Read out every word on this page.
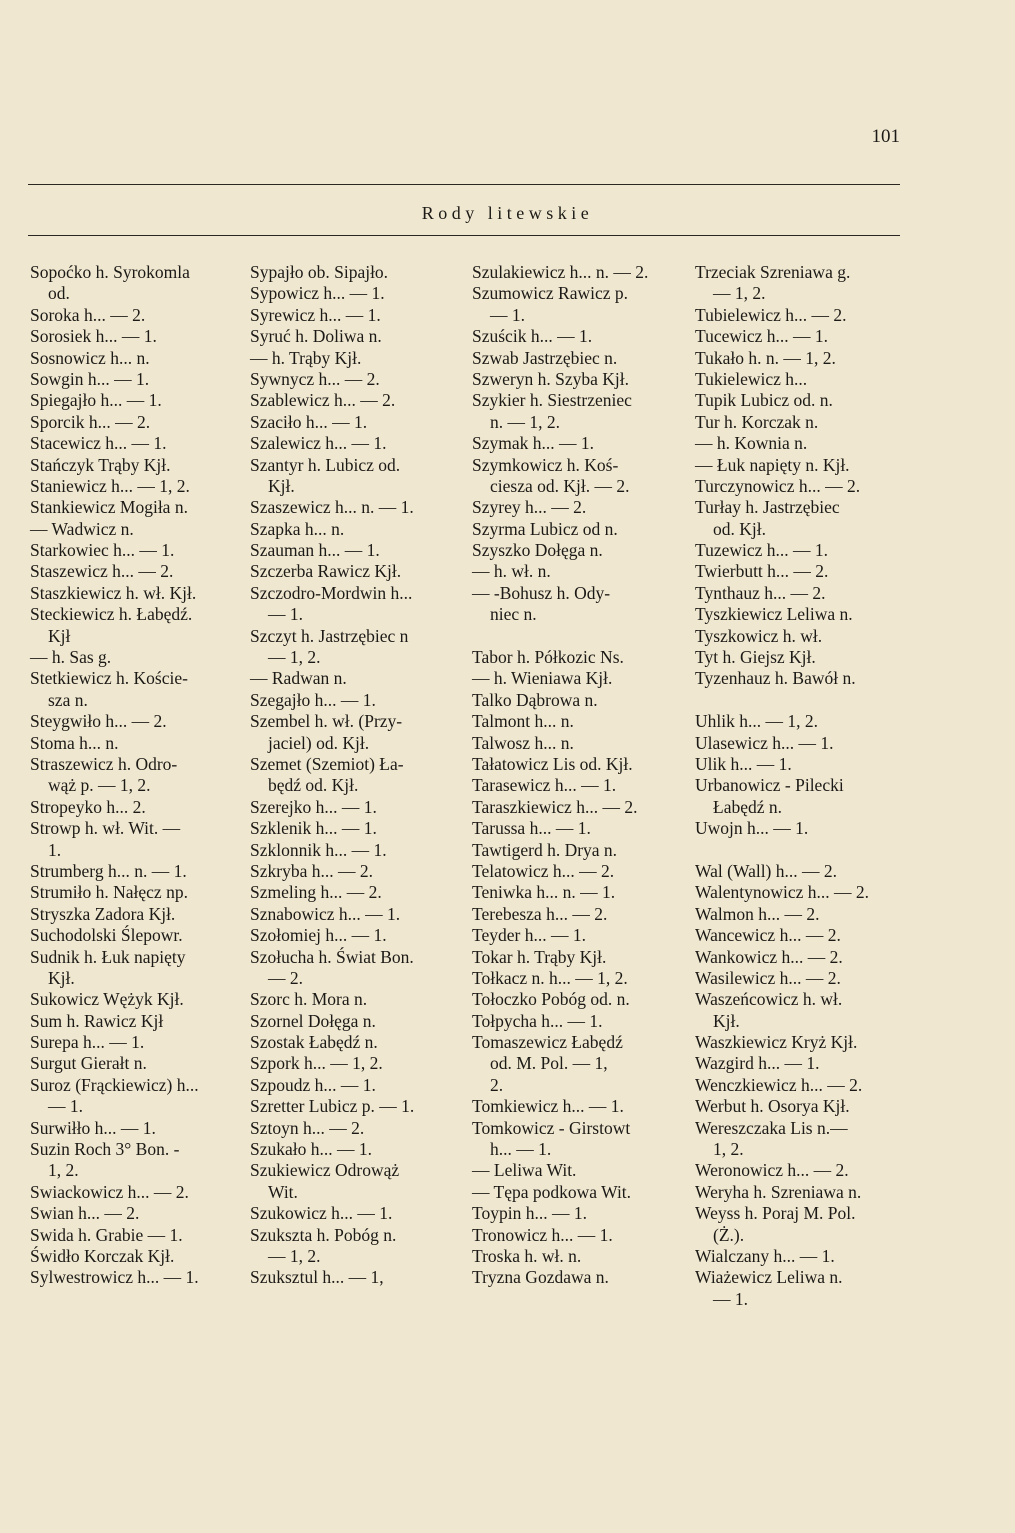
101
Rody litewskie
Sopoćko h. Syrokomla
od.
Soroka h... — 2.
Sorosiek h... — 1.
Sosnowicz h... n.
Sowgin h... — 1.
Spiegajło h... — 1.
Sporcik h... — 2.
Stacewicz h... — 1.
Stańczyk Trąby Kjł.
Staniewicz h... — 1, 2.
Stankiewicz Mogiła n.
— Wadwicz n.
Starkowiec h... — 1.
Staszewicz h... — 2.
Staszkiewicz h. wł. Kjł.
Steckiewicz h. Łabędź.
Kjł
— h. Sas g.
Stetkiewicz h. Koście-
sza n.
Steygwiło h... — 2.
Stoma h... n.
Straszewicz h. Odro-
wąż p. — 1, 2.
Stropeyko h... 2.
Strowp h. wł. Wit. —
1.
Strumberg h... n. — 1.
Strumiło h. Nałęcz np.
Stryszka Zadora Kjł.
Suchodolski Ślepowr.
Sudnik h. Łuk napięty
Kjł.
Sukowicz Wężyk Kjł.
Sum h. Rawicz Kjł
Surepa h... — 1.
Surgut Gierałt n.
Suroz (Frąckiewicz) h...
— 1.
Surwiłło h... — 1.
Suzin Roch 3° Bon. -
1, 2.
Swiackowicz h... — 2.
Swian h... — 2.
Swida h. Grabie — 1.
Świdło Korczak Kjł.
Sylwestrowicz h... — 1.
Sypajło ob. Sipajło.
Sypowicz h... — 1.
Syrewicz h... — 1.
Syruć h. Doliwa n.
— h. Trąby Kjł.
Sywnycz h... — 2.
Szablewicz h... — 2.
Szaciło h... — 1.
Szalewicz h... — 1.
Szantyr h. Lubicz od.
Kjł.
Szaszewicz h... n. — 1.
Szapka h... n.
Szauman h... — 1.
Szczerba Rawicz Kjł.
Szczodro-Mordwin h...
— 1.
Szczyt h. Jastrzębiec n
— 1, 2.
— Radwan n.
Szegajło h... — 1.
Szembel h. wł. (Przy-
jaciel) od. Kjł.
Szemet (Szemiot) Ła-
będź od. Kjł.
Szerejko h... — 1.
Szklenik h... — 1.
Szklonnik h... — 1.
Szkryba h... — 2.
Szmeling h... — 2.
Sznabowicz h... — 1.
Szołomiej h... — 1.
Szołucha h. Świat Bon.
— 2.
Szorc h. Mora n.
Szornel Dołęga n.
Szostak Łabędź n.
Szpork h... — 1, 2.
Szpoudz h... — 1.
Szretter Lubicz p. — 1.
Sztoyn h... — 2.
Szukało h... — 1.
Szukiewicz Odrowąż
Wit.
Szukowicz h... — 1.
Szukszta h. Pobóg n.
— 1, 2.
Szuksztul h... — 1,
Szulakiewicz h... n. — 2.
Szumowicz Rawicz p.
— 1.
Szuścik h... — 1.
Szwab Jastrzębiec n.
Szweryn h. Szyba Kjł.
Szykier h. Siestrzeniec
n. — 1, 2.
Szymak h... — 1.
Szymkowicz h. Koś-
ciesza od. Kjł. — 2.
Szyrey h... — 2.
Szyrma Lubicz od n.
Szyszko Dołęga n.
— h. wł. n.
— -Bohusz h. Ody-
niec n.
Tabor h. Półkozic Ns.
— h. Wieniawa Kjł.
Talko Dąbrowa n.
Talmont h... n.
Talwosz h... n.
Tałatowicz Lis od. Kjł.
Tarasewicz h... — 1.
Taraszkiewicz h... — 2.
Tarussa h... — 1.
Tawtigerd h. Drya n.
Telatowicz h... — 2.
Teniwka h... n. — 1.
Terebesza h... — 2.
Teyder h... — 1.
Tokar h. Trąby Kjł.
Tołkacz n. h... — 1, 2.
Tołoczko Pobóg od. n.
Tołpycha h... — 1.
Tomaszewicz Łabędź
od. M. Pol. — 1,
2.
Tomkiewicz h... — 1.
Tomkowicz - Girstowt
h... — 1.
— Leliwa Wit.
— Tępa podkowa Wit.
Toypin h... — 1.
Tronowicz h... — 1.
Troska h. wł. n.
Tryzna Gozdawa n.
Trzeciak Szreniawa g.
— 1, 2.
Tubielewicz h... — 2.
Tucewicz h... — 1.
Tukało h. n. — 1, 2.
Tukielewicz h...
Tupik Lubicz od. n.
Tur h. Korczak n.
— h. Kownia n.
— Łuk napięty n. Kjł.
Turczynowicz h... — 2.
Turłay h. Jastrzębiec
od. Kjł.
Tuzewicz h... — 1.
Twierbutt h... — 2.
Tynthauz h... — 2.
Tyszkiewicz Leliwa n.
Tyszkowicz h. wł.
Tyt h. Giejsz Kjł.
Tyzenhauz h. Bawół n.
Uhlik h... — 1, 2.
Ulasewicz h... — 1.
Ulik h... — 1.
Urbanowicz - Pilecki
Łabędź n.
Uwojn h... — 1.
Wal (Wall) h... — 2.
Walentynowicz h... — 2.
Walmon h... — 2.
Wancewicz h... — 2.
Wankowicz h... — 2.
Wasilewicz h... — 2.
Waszeńcowicz h. wł.
Kjł.
Waszkiewicz Kryż Kjł.
Wazgird h... — 1.
Wenczkiewicz h... — 2.
Werbut h. Osorya Kjł.
Wereszczaka Lis n.—
1, 2.
Weronowicz h... — 2.
Weryha h. Szreniawa n.
Weyss h. Poraj M. Pol.
(Ż.).
Wialczany h... — 1.
Wiażewicz Leliwa n.
— 1.
